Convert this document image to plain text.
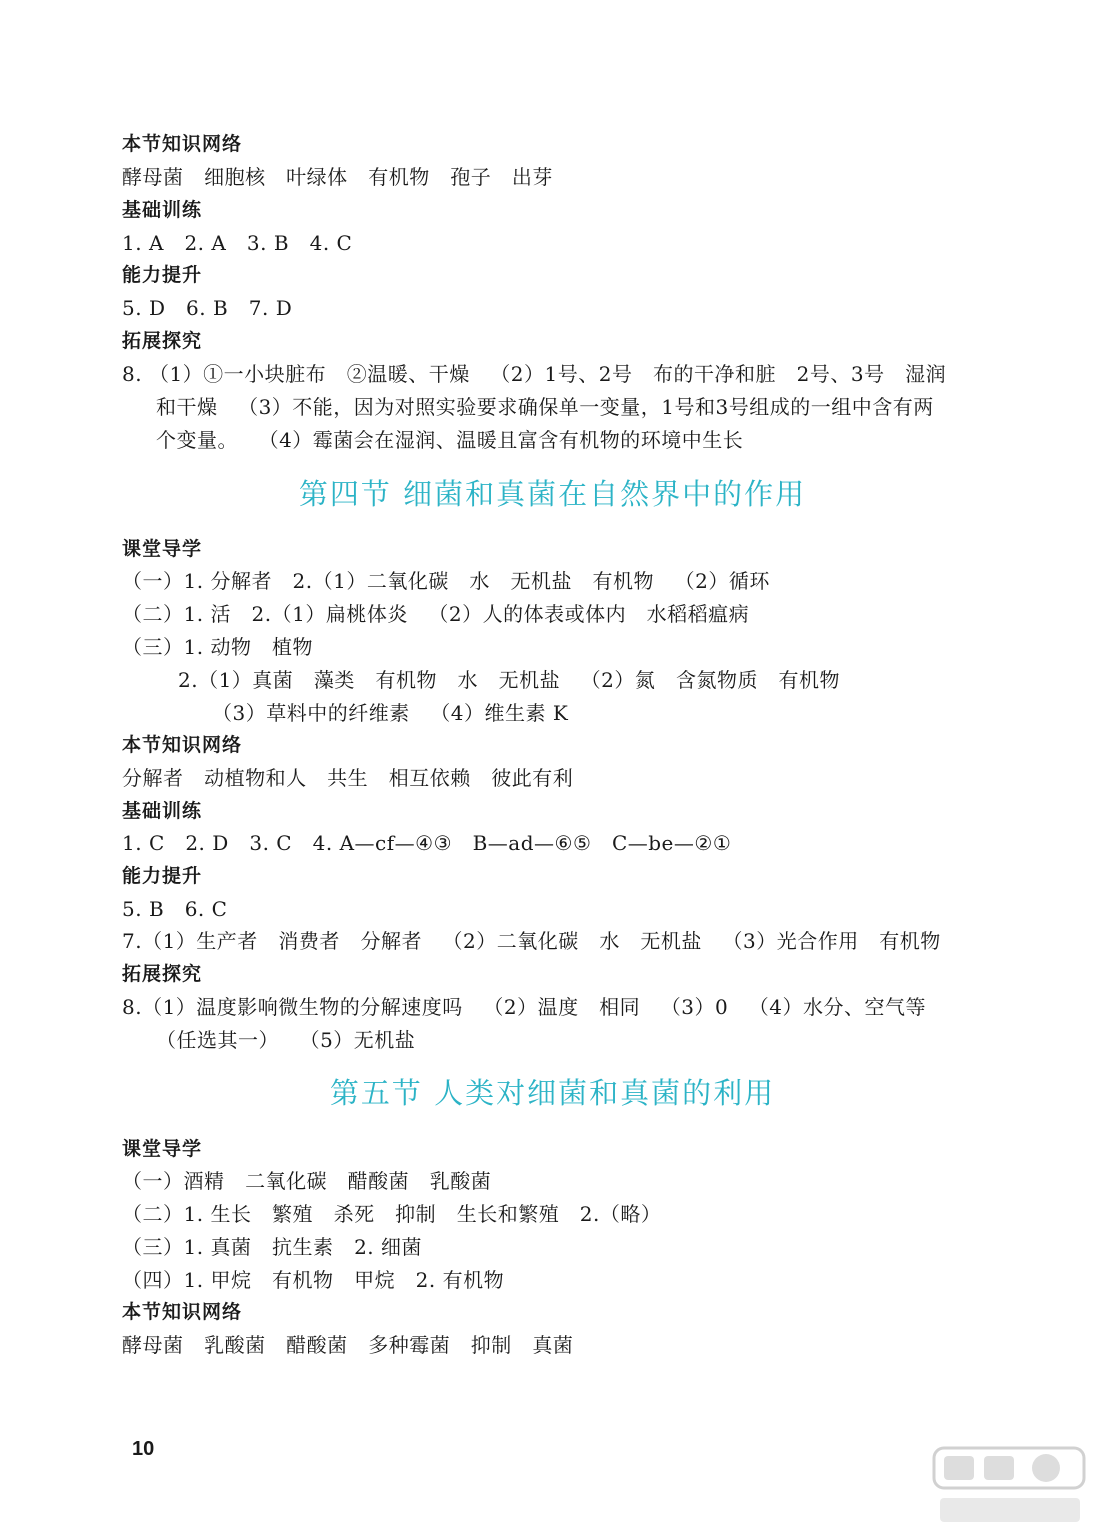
本节知识网络
酵母菌   细胞核   叶绿体   有机物   孢子   出芽
基础训练
1. A   2. A   3. B   4. C
能力提升
5. D   6. B   7. D
拓展探究
8. （1）①一小块脏布   ②温暖、干燥   （2）1号、2号   布的干净和脏   2号、3号   湿润
和干燥   （3）不能，因为对照实验要求确保单一变量，1号和3号组成的一组中含有两
个变量。   （4）霉菌会在湿润、温暖且富含有机物的环境中生长
第四节 细菌和真菌在自然界中的作用
课堂导学
（一）1. 分解者   2.（1）二氧化碳   水   无机盐   有机物   （2）循环
（二）1. 活   2.（1）扁桃体炎   （2）人的体表或体内   水稻稻瘟病
（三）1. 动物   植物
2.（1）真菌   藻类   有机物   水   无机盐   （2）氮   含氮物质   有机物
（3）草料中的纤维素   （4）维生素 K
本节知识网络
分解者   动植物和人   共生   相互依赖   彼此有利
基础训练
1. C   2. D   3. C   4. A—cf—④③   B—ad—⑥⑤   C—be—②①
能力提升
5. B   6. C
7.（1）生产者   消费者   分解者   （2）二氧化碳   水   无机盐   （3）光合作用   有机物
拓展探究
8.（1）温度影响微生物的分解速度吗   （2）温度   相同   （3）0   （4）水分、空气等
（任选其一）   （5）无机盐
第五节 人类对细菌和真菌的利用
课堂导学
（一）酒精   二氧化碳   醋酸菌   乳酸菌
（二）1. 生长   繁殖   杀死   抑制   生长和繁殖   2.（略）
（三）1. 真菌   抗生素   2. 细菌
（四）1. 甲烷   有机物   甲烷   2. 有机物
本节知识网络
酵母菌   乳酸菌   醋酸菌   多种霉菌   抑制   真菌
10
